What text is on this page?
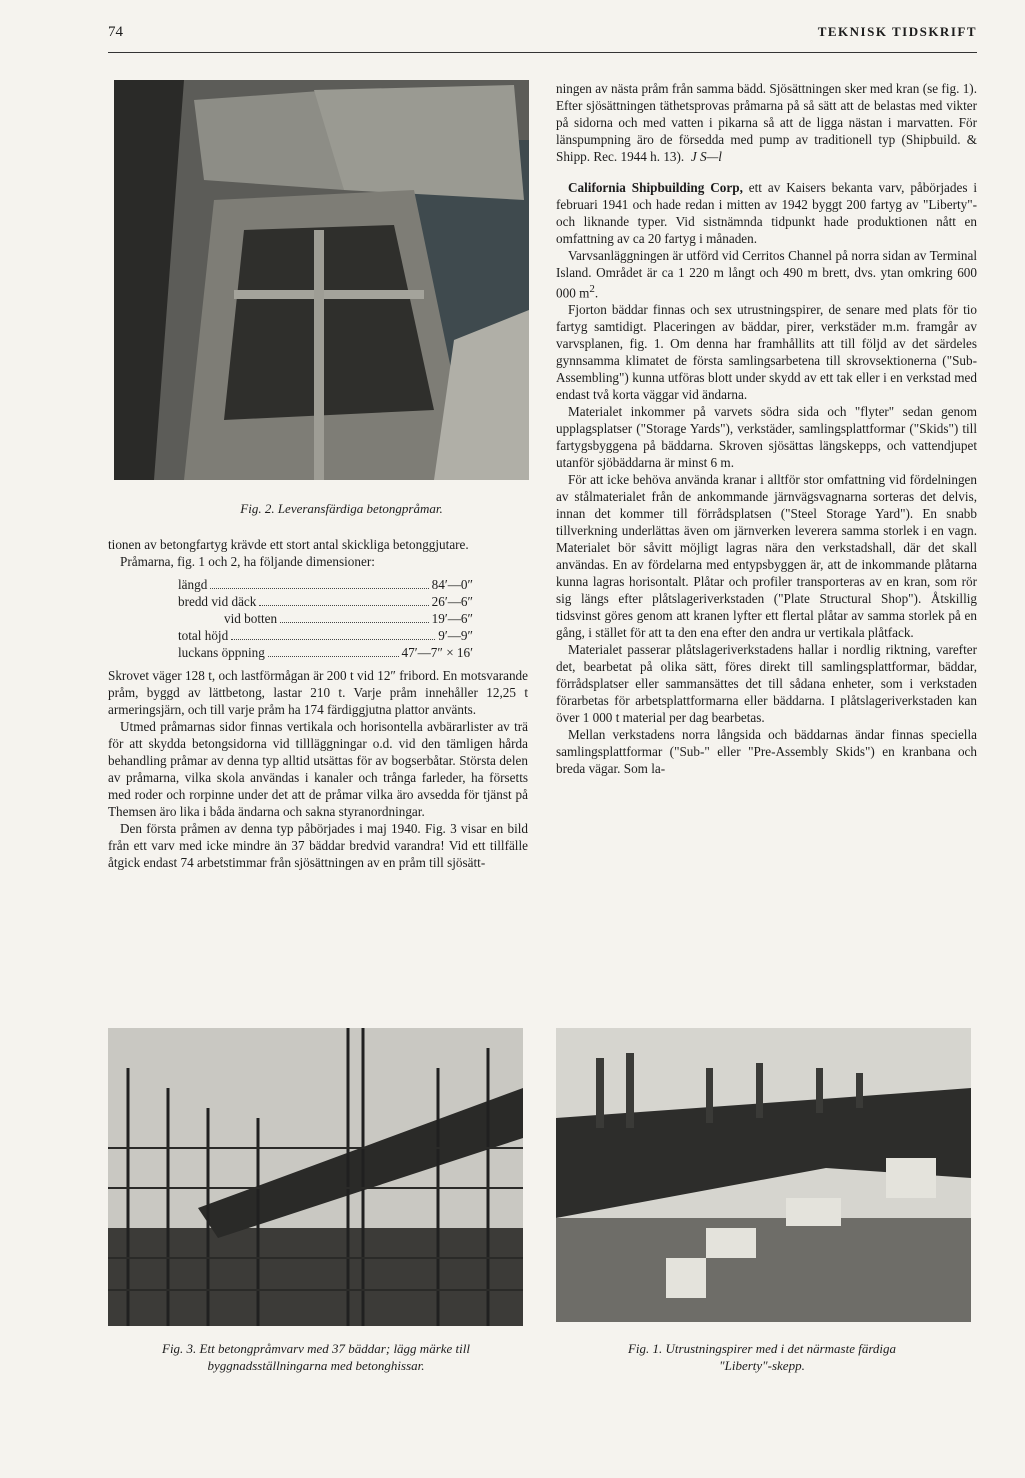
74	TEKNISK TIDSKRIFT
Fig. 2. Leveransfärdiga betongpråmar.

tionen av betongfartyg krävde ett stort antal skickliga betonggjutare.

Pråmarna, fig. 1 och 2, ha följande dimensioner:

längd	84′—0″
bredd vid däck	26′—6″
vid botten	19′—6″
total höjd	9′—9″
luckans öppning	47′—7″ × 16′

Skrovet väger 128 t, och lastförmågan är 200 t vid 12″ fribord. En motsvarande pråm, byggd av lättbetong, lastar 210 t. Varje pråm innehåller 12,25 t armeringsjärn, och till varje pråm ha 174 färdiggjutna plattor använts.

Utmed pråmarnas sidor finnas vertikala och horisontella avbärarlister av trä för att skydda betongsidorna vid tillläggningar o.d. vid den tämligen hårda behandling pråmar av denna typ alltid utsättas för av bogserbåtar. Största delen av pråmarna, vilka skola användas i kanaler och trånga farleder, ha försetts med roder och rorpinne under det att de pråmar vilka äro avsedda för tjänst på Themsen äro lika i båda ändarna och sakna styranordningar.

Den första pråmen av denna typ påbörjades i maj 1940. Fig. 3 visar en bild från ett varv med icke mindre än 37 bäddar bredvid varandra! Vid ett tillfälle åtgick endast 74 arbetstimmar från sjösättningen av en pråm till sjösätt-

ningen av nästa pråm från samma bädd. Sjösättningen sker med kran (se fig. 1). Efter sjösättningen täthetsprovas pråmarna på så sätt att de belastas med vikter på sidorna och med vatten i pikarna så att de ligga nästan i marvatten. För länspumpning äro de försedda med pump av traditionell typ (Shipbuild. & Shipp. Rec. 1944 h. 13). J S—l

California Shipbuilding Corp, ett av Kaisers bekanta varv, påbörjades i februari 1941 och hade redan i mitten av 1942 byggt 200 fartyg av "Liberty"- och liknande typer. Vid sistnämnda tidpunkt hade produktionen nått en omfattning av ca 20 fartyg i månaden.

Varvsanläggningen är utförd vid Cerritos Channel på norra sidan av Terminal Island. Området är ca 1 220 m långt och 490 m brett, dvs. ytan omkring 600 000 $m^2$.

Fjorton bäddar finnas och sex utrustningspirer, de senare med plats för tio fartyg samtidigt. Placeringen av bäddar, pirer, verkstäder m.m. framgår av varvsplanen, fig. 1. Om denna har framhållits att till följd av det särdeles gynnsamma klimatet de första samlingsarbetena till skrovsektionerna ("Sub-Assembling") kunna utföras blott under skydd av ett tak eller i en verkstad med endast två korta väggar vid ändarna.

Materialet inkommer på varvets södra sida och "flyter" sedan genom upplagsplatser ("Storage Yards"), verkstäder, samlingsplattformar ("Skids") till fartygsbyggena på bäddarna. Skroven sjösättas längskepps, och vattendjupet utanför sjöbäddarna är minst 6 m.

För att icke behöva använda kranar i alltför stor omfattning vid fördelningen av stålmaterialet från de ankommande järnvägsvagnarna sorteras det delvis, innan det kommer till förrådsplatsen ("Steel Storage Yard"). En snabb tillverkning underlättas även om järnverken leverera samma storlek i en vagn. Materialet bör såvitt möjligt lagras nära den verkstadshall, där det skall användas. En av fördelarna med entypsbyggen är, att de inkommande plåtarna kunna lagras horisontalt. Plåtar och profiler transporteras av en kran, som rör sig längs efter plåtslageriverkstaden ("Plate Structural Shop"). Åtskillig tidsvinst göres genom att kranen lyfter ett flertal plåtar av samma storlek på en gång, i stället för att ta den ena efter den andra ur vertikala plåtfack.

Materialet passerar plåtslageriverkstadens hallar i nordlig riktning, varefter det, bearbetat på olika sätt, föres direkt till samlingsplattformar, bäddar, förrådsplatser eller sammansättes det till sådana enheter, som i verkstaden förarbetas för arbetsplattformarna eller bäddarna. I plåtslageriverkstaden kan över 1 000 t material per dag bearbetas.

Mellan verkstadens norra långsida och bäddarnas ändar finnas speciella samlingsplattformar ("Sub-" eller "Pre-Assembly Skids") en kranbana och breda vägar. Som la-

Fig. 3. Ett betongpråmvarv med 37 bäddar; lägg märke till
byggnadsställningarna med betonghissar.
Fig. 1. Utrustningspirer med i det närmaste färdiga
"Liberty"-skepp.
